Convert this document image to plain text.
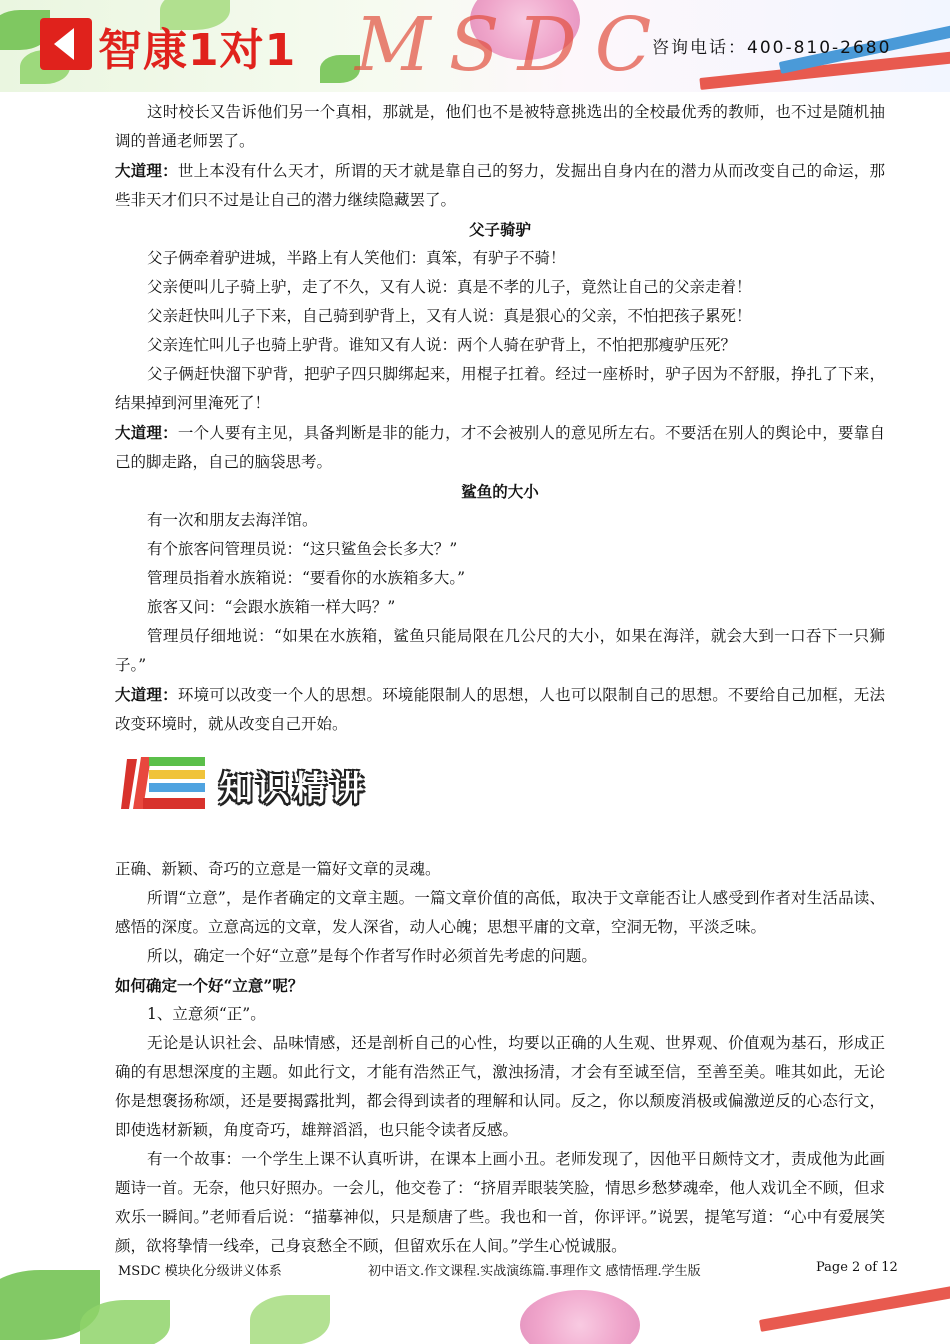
智康1对1 MSDC
咨询电话：400-810-2680

这时校长又告诉他们另一个真相，那就是，他们也不是被特意挑选出的全校最优秀的教师，也不过是随机抽调的普通老师罢了。

大道理：世上本没有什么天才，所谓的天才就是靠自己的努力，发掘出自身内在的潜力从而改变自己的命运，那些非天才们只不过是让自己的潜力继续隐藏罢了。

父子骑驴

父子俩牵着驴进城，半路上有人笑他们：真笨，有驴子不骑！

父亲便叫儿子骑上驴，走了不久，又有人说：真是不孝的儿子，竟然让自己的父亲走着！

父亲赶快叫儿子下来，自己骑到驴背上，又有人说：真是狠心的父亲，不怕把孩子累死！

父亲连忙叫儿子也骑上驴背。谁知又有人说：两个人骑在驴背上，不怕把那瘦驴压死？

父子俩赶快溜下驴背，把驴子四只脚绑起来，用棍子扛着。经过一座桥时，驴子因为不舒服，挣扎了下来，结果掉到河里淹死了！

大道理：一个人要有主见，具备判断是非的能力，才不会被别人的意见所左右。不要活在别人的舆论中，要靠自己的脚走路，自己的脑袋思考。

鲨鱼的大小

有一次和朋友去海洋馆。

有个旅客问管理员说：“这只鲨鱼会长多大？”

管理员指着水族箱说：“要看你的水族箱多大。”

旅客又问：“会跟水族箱一样大吗？”

管理员仔细地说：“如果在水族箱，鲨鱼只能局限在几公尺的大小，如果在海洋，就会大到一口吞下一只狮子。”

大道理：环境可以改变一个人的思想。环境能限制人的思想，人也可以限制自己的思想。不要给自己加框，无法改变环境时，就从改变自己开始。

知识精讲

正确、新颖、奇巧的立意是一篇好文章的灵魂。

所谓“立意”，是作者确定的文章主题。一篇文章价值的高低，取决于文章能否让人感受到作者对生活品读、感悟的深度。立意高远的文章，发人深省，动人心魄；思想平庸的文章，空洞无物，平淡乏味。

所以，确定一个好“立意”是每个作者写作时必须首先考虑的问题。

如何确定一个好“立意”呢？

1、立意须“正”。

无论是认识社会、品味情感，还是剖析自己的心性，均要以正确的人生观、世界观、价值观为基石，形成正确的有思想深度的主题。如此行文，才能有浩然正气，激浊扬清，才会有至诚至信，至善至美。唯其如此，无论你是想褒扬称颂，还是要揭露批判，都会得到读者的理解和认同。反之，你以颓废消极或偏激逆反的心态行文，即使选材新颖，角度奇巧，雄辩滔滔，也只能令读者反感。

有一个故事：一个学生上课不认真听讲，在课本上画小丑。老师发现了，因他平日颇恃文才，责成他为此画题诗一首。无奈，他只好照办。一会儿，他交卷了：“挤眉弄眼装笑脸，情思乡愁梦魂牵，他人戏讥全不顾，但求欢乐一瞬间。”老师看后说：“描摹神似，只是颓唐了些。我也和一首，你评评。”说罢，提笔写道：“心中有爱展笑颜，欲将挚情一线牵，己身哀愁全不顾，但留欢乐在人间。”学生心悦诚服。

MSDC 模块化分级讲义体系	初中语文.作文课程.实战演练篇.事理作文 感情悟理.学生版	Page 2 of 12
